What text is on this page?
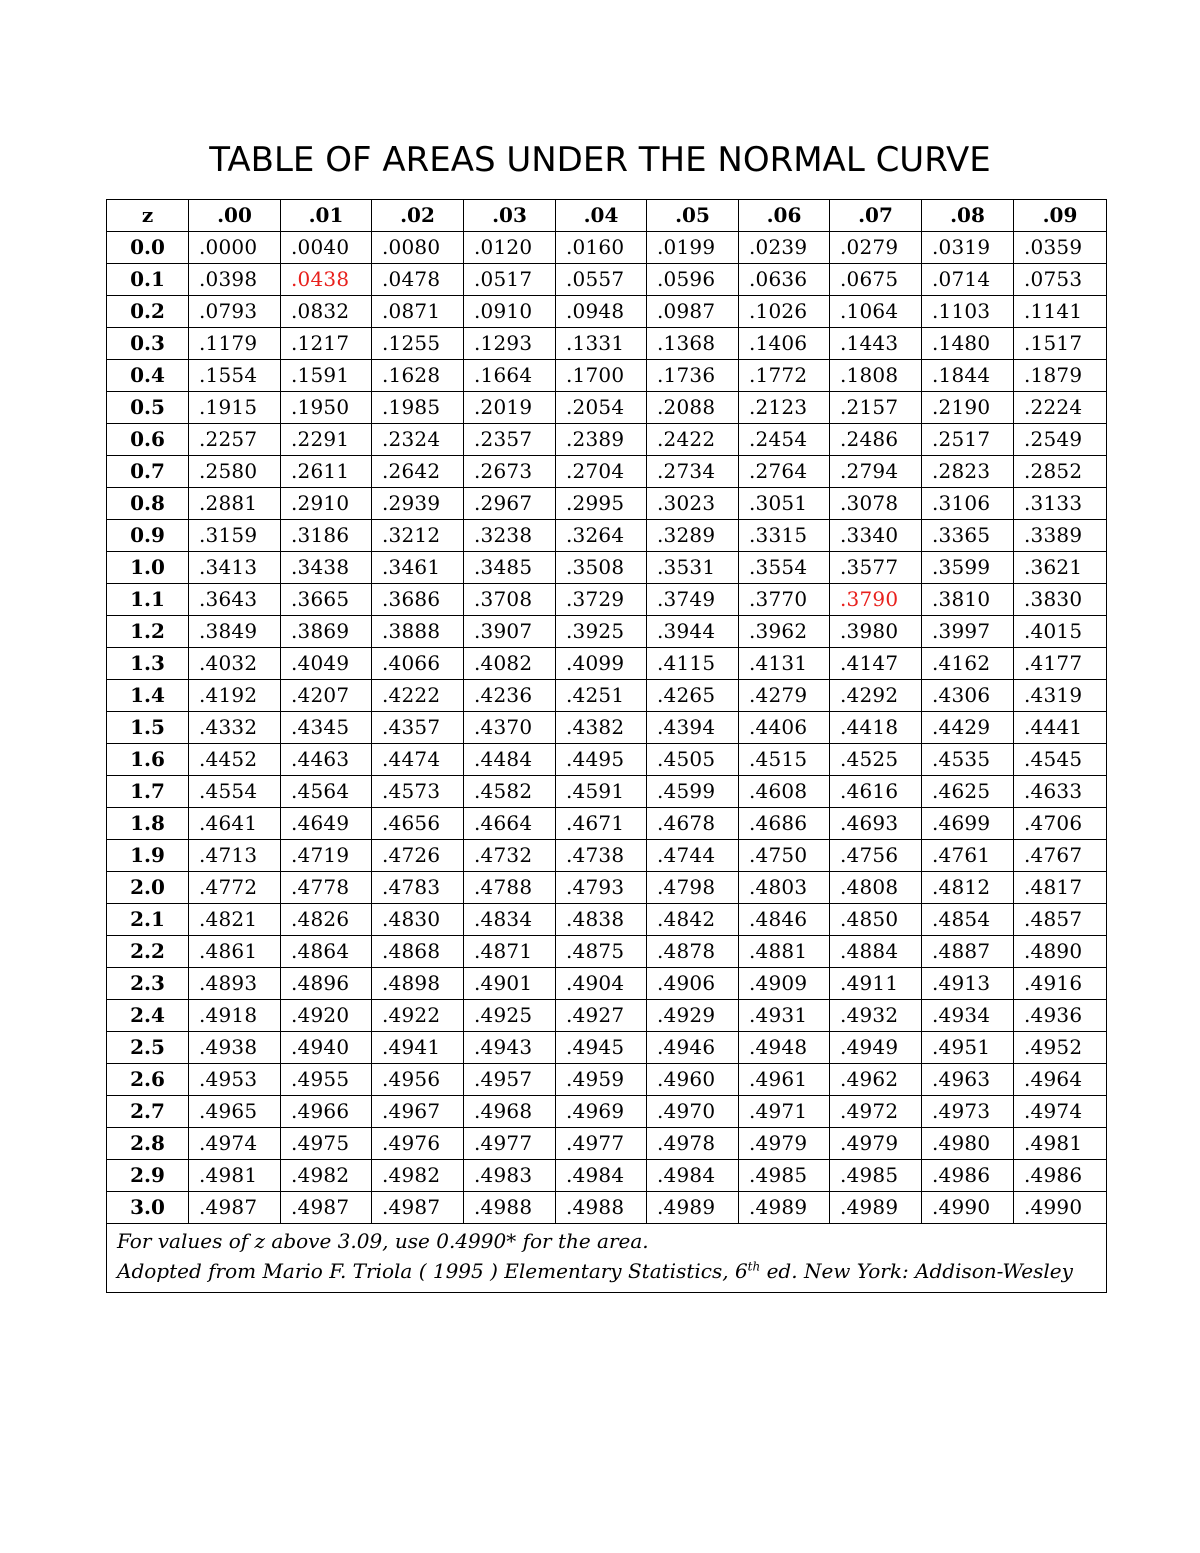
TABLE OF AREAS UNDER THE NORMAL CURVE
z	.00	.01	.02	.03	.04	.05	.06	.07	.08	.09
0.0	.0000	.0040	.0080	.0120	.0160	.0199	.0239	.0279	.0319	.0359
0.1	.0398	.0438	.0478	.0517	.0557	.0596	.0636	.0675	.0714	.0753
0.2	.0793	.0832	.0871	.0910	.0948	.0987	.1026	.1064	.1103	.1141
0.3	.1179	.1217	.1255	.1293	.1331	.1368	.1406	.1443	.1480	.1517
0.4	.1554	.1591	.1628	.1664	.1700	.1736	.1772	.1808	.1844	.1879
0.5	.1915	.1950	.1985	.2019	.2054	.2088	.2123	.2157	.2190	.2224
0.6	.2257	.2291	.2324	.2357	.2389	.2422	.2454	.2486	.2517	.2549
0.7	.2580	.2611	.2642	.2673	.2704	.2734	.2764	.2794	.2823	.2852
0.8	.2881	.2910	.2939	.2967	.2995	.3023	.3051	.3078	.3106	.3133
0.9	.3159	.3186	.3212	.3238	.3264	.3289	.3315	.3340	.3365	.3389
1.0	.3413	.3438	.3461	.3485	.3508	.3531	.3554	.3577	.3599	.3621
1.1	.3643	.3665	.3686	.3708	.3729	.3749	.3770	.3790	.3810	.3830
1.2	.3849	.3869	.3888	.3907	.3925	.3944	.3962	.3980	.3997	.4015
1.3	.4032	.4049	.4066	.4082	.4099	.4115	.4131	.4147	.4162	.4177
1.4	.4192	.4207	.4222	.4236	.4251	.4265	.4279	.4292	.4306	.4319
1.5	.4332	.4345	.4357	.4370	.4382	.4394	.4406	.4418	.4429	.4441
1.6	.4452	.4463	.4474	.4484	.4495	.4505	.4515	.4525	.4535	.4545
1.7	.4554	.4564	.4573	.4582	.4591	.4599	.4608	.4616	.4625	.4633
1.8	.4641	.4649	.4656	.4664	.4671	.4678	.4686	.4693	.4699	.4706
1.9	.4713	.4719	.4726	.4732	.4738	.4744	.4750	.4756	.4761	.4767
2.0	.4772	.4778	.4783	.4788	.4793	.4798	.4803	.4808	.4812	.4817
2.1	.4821	.4826	.4830	.4834	.4838	.4842	.4846	.4850	.4854	.4857
2.2	.4861	.4864	.4868	.4871	.4875	.4878	.4881	.4884	.4887	.4890
2.3	.4893	.4896	.4898	.4901	.4904	.4906	.4909	.4911	.4913	.4916
2.4	.4918	.4920	.4922	.4925	.4927	.4929	.4931	.4932	.4934	.4936
2.5	.4938	.4940	.4941	.4943	.4945	.4946	.4948	.4949	.4951	.4952
2.6	.4953	.4955	.4956	.4957	.4959	.4960	.4961	.4962	.4963	.4964
2.7	.4965	.4966	.4967	.4968	.4969	.4970	.4971	.4972	.4973	.4974
2.8	.4974	.4975	.4976	.4977	.4977	.4978	.4979	.4979	.4980	.4981
2.9	.4981	.4982	.4982	.4983	.4984	.4984	.4985	.4985	.4986	.4986
3.0	.4987	.4987	.4987	.4988	.4988	.4989	.4989	.4989	.4990	.4990

For values of z above 3.09, use 0.4990* for the area.
Adopted from Mario F. Triola ( 1995 ) Elementary Statistics, 6th ed. New York: Addison-Wesley										
